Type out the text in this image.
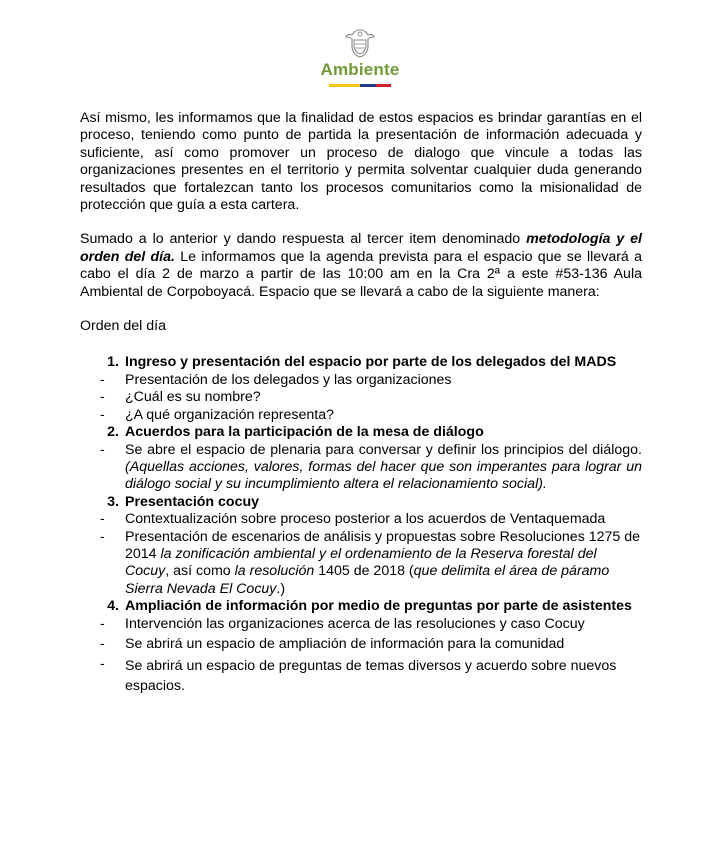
Ambiente

Así mismo, les informamos que la finalidad de estos espacios es brindar garantías en el proceso, teniendo como punto de partida la presentación de información adecuada y suficiente, así como promover un proceso de dialogo que vincule a todas las organizaciones presentes en el territorio y permita solventar cualquier duda generando resultados que fortalezcan tanto los procesos comunitarios como la misionalidad de protección que guía a esta cartera.

Sumado a lo anterior y dando respuesta al tercer item denominado metodología y el orden del día. Le informamos que la agenda prevista para el espacio que se llevará a cabo el día 2 de marzo a partir de las 10:00 am en la Cra 2ª a este #53-136 Aula Ambiental de Corpoboyacá. Espacio que se llevará a cabo de la siguiente manera:

Orden del día

1. Ingreso y presentación del espacio por parte de los delegados del MADS
-	Presentación de los delegados y las organizaciones
-	¿Cuál es su nombre?
-	¿A qué organización representa?
2. Acuerdos para la participación de la mesa de diálogo
-	Se abre el espacio de plenaria para conversar y definir los principios del diálogo. (Aquellas acciones, valores, formas del hacer que son imperantes para lograr un diálogo social y su incumplimiento altera el relacionamiento social).
3. Presentación cocuy
-	Contextualización sobre proceso posterior a los acuerdos de Ventaquemada
-	Presentación de escenarios de análisis y propuestas sobre Resoluciones 1275 de 2014 la zonificación ambiental y el ordenamiento de la Reserva forestal del Cocuy, así como la resolución 1405 de 2018 (que delimita el área de páramo Sierra Nevada El Cocuy.)
4. Ampliación de información por medio de preguntas por parte de asistentes
-	Intervención las organizaciones acerca de las resoluciones y caso Cocuy
-	Se abrirá un espacio de ampliación de información para la comunidad
-	Se abrirá un espacio de preguntas de temas diversos y acuerdo sobre nuevos espacios.
